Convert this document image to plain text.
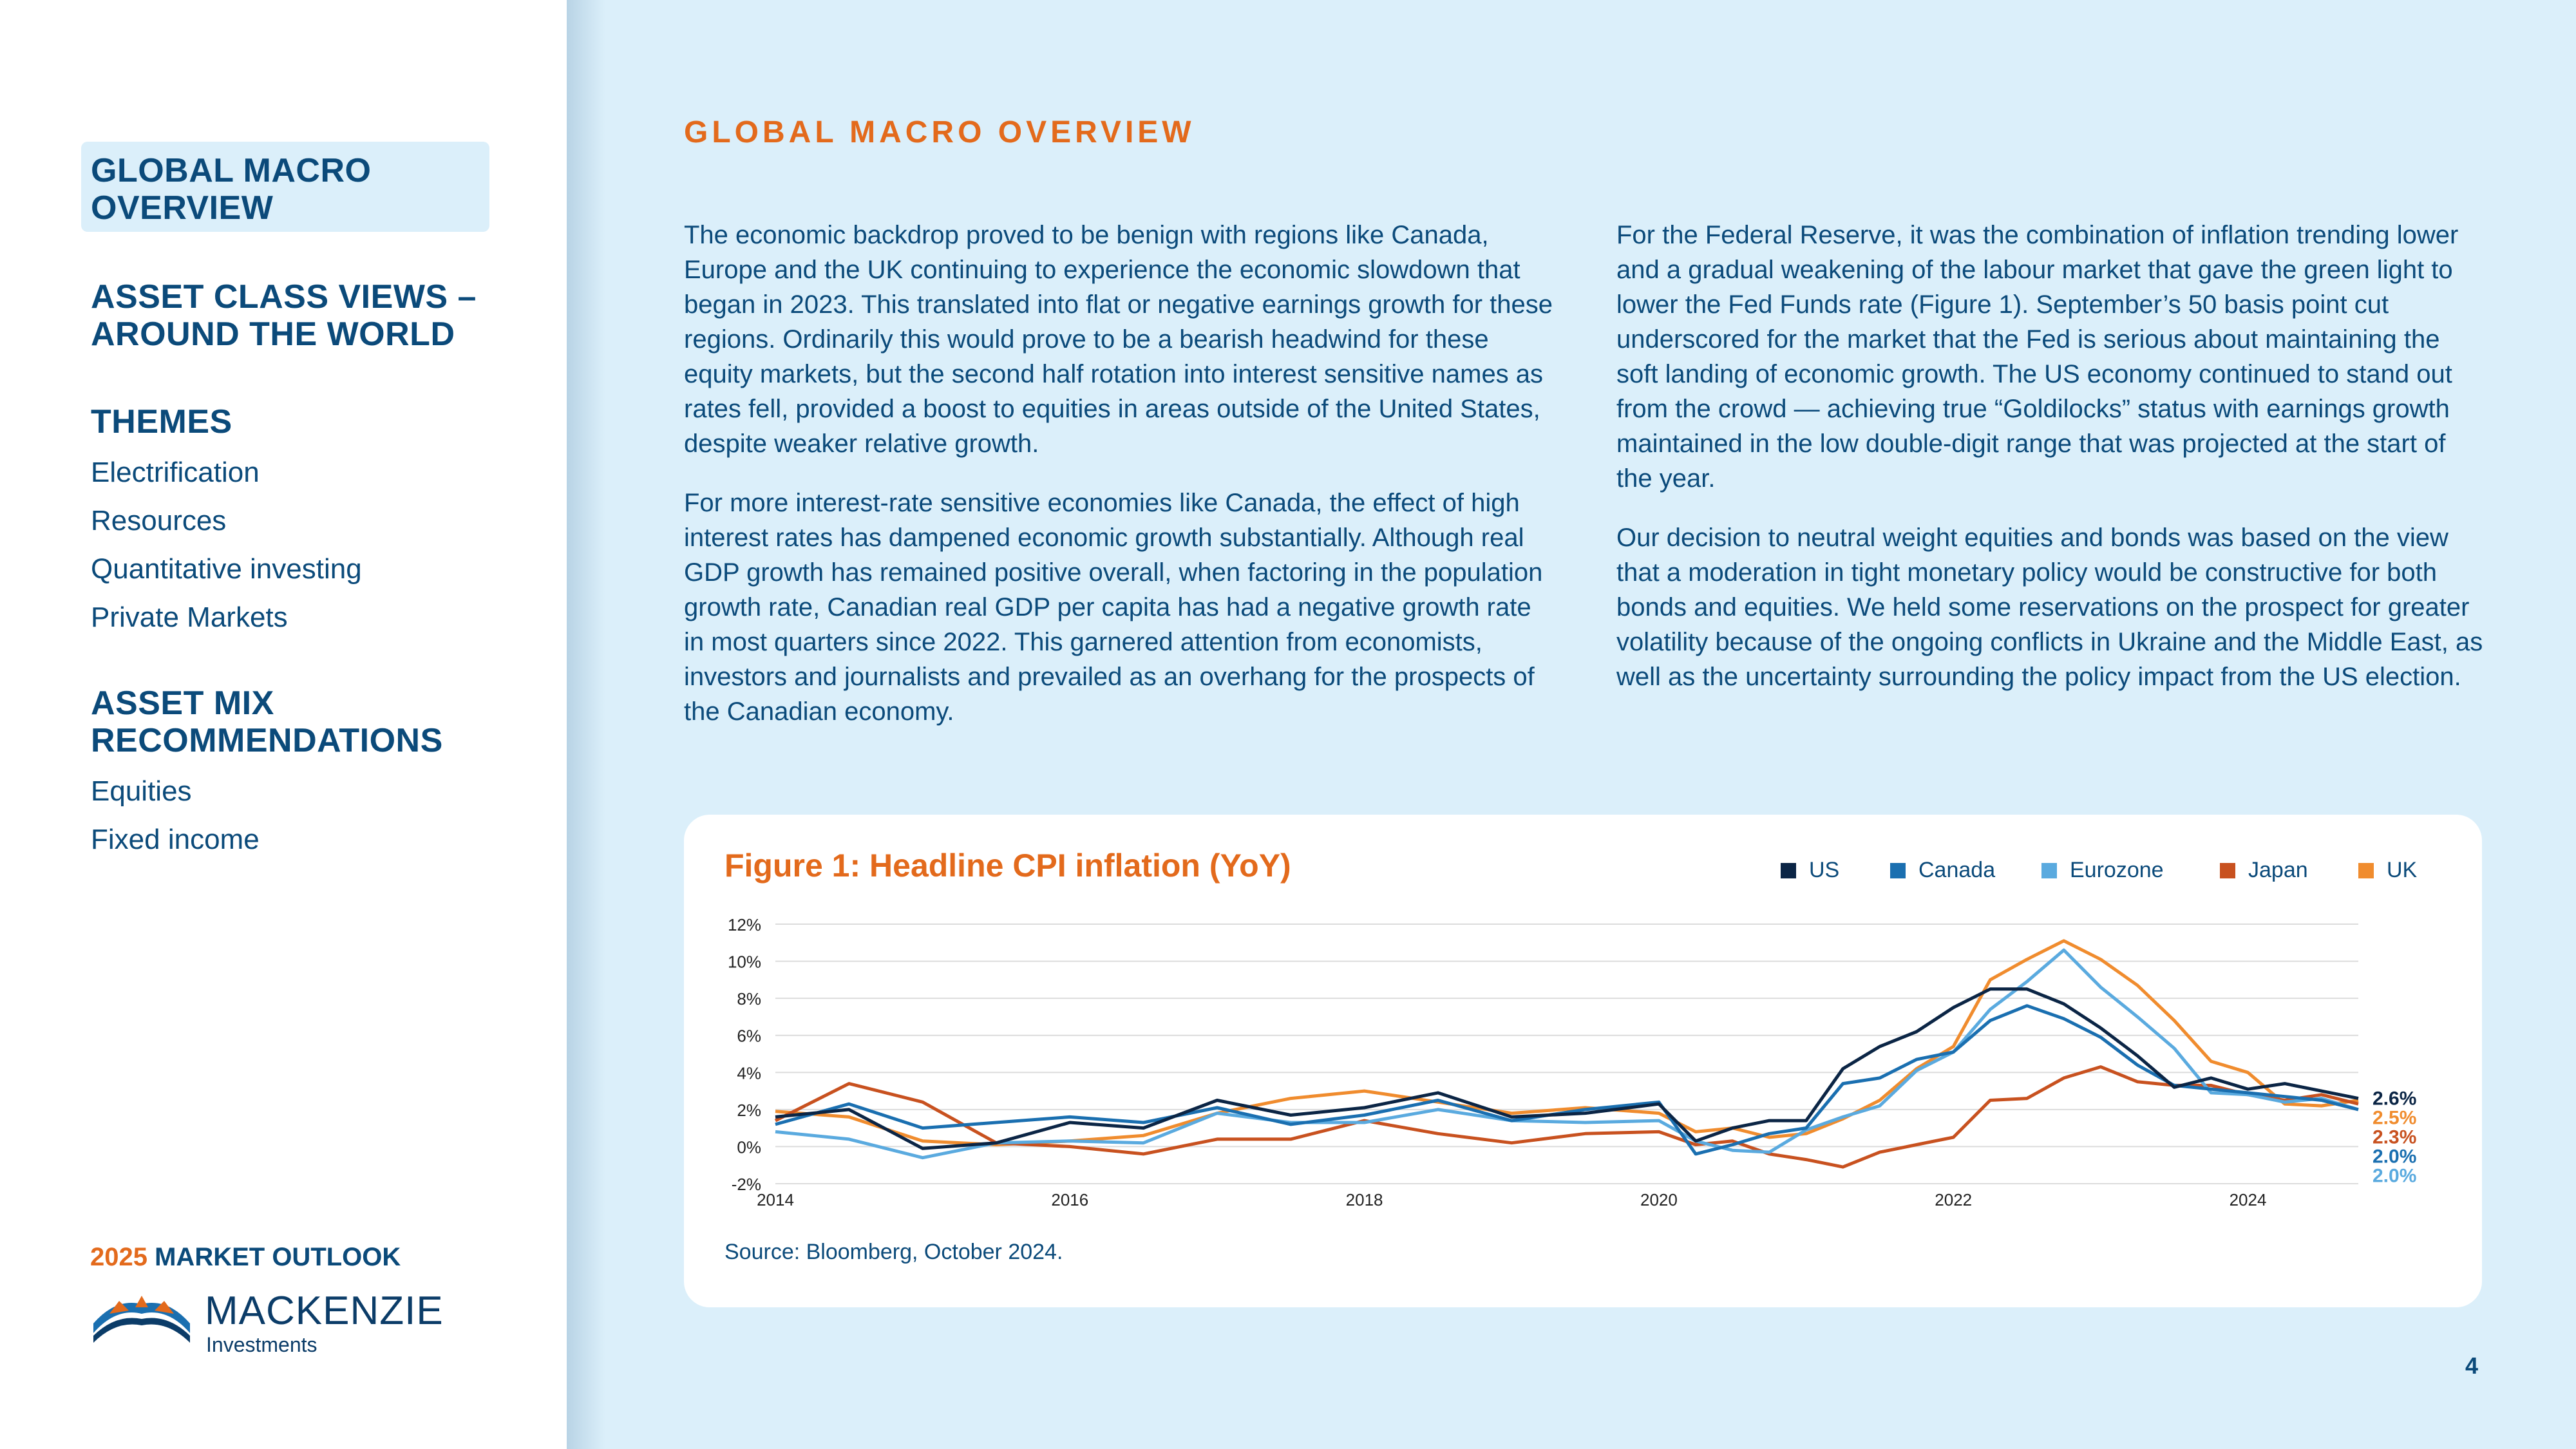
GLOBAL MACRO
OVERVIEW
ASSET CLASS VIEWS –
AROUND THE WORLD
THEMES
Electrification
Resources
Quantitative investing
Private Markets
ASSET MIX
RECOMMENDATIONS
Equities
Fixed income
2025 MARKET OUTLOOK
MACKENZIE
Investments
GLOBAL MACRO OVERVIEW

The economic backdrop proved to be benign with regions like Canada, Europe and the UK continuing to experience the economic slowdown that began in 2023. This translated into flat or negative earnings growth for these regions. Ordinarily this would prove to be a bearish headwind for these equity markets, but the second half rotation into interest sensitive names as rates fell, provided a boost to equities in areas outside of the United States, despite weaker relative growth.

For more interest-rate sensitive economies like Canada, the effect of high interest rates has dampened economic growth substantially. Although real GDP growth has remained positive overall, when factoring in the population growth rate, Canadian real GDP per capita has had a negative growth rate in most quarters since 2022. This garnered attention from economists, investors and journalists and prevailed as an overhang for the prospects of the Canadian economy.

For the Federal Reserve, it was the combination of inflation trending lower and a gradual weakening of the labour market that gave the green light to lower the Fed Funds rate (Figure 1). September’s 50 basis point cut underscored for the market that the Fed is serious about maintaining the soft landing of economic growth. The US economy continued to stand out from the crowd — achieving true “Goldilocks” status with earnings growth maintained in the low double-digit range that was projected at the start of the year.

Our decision to neutral weight equities and bonds was based on the view that a moderation in tight monetary policy would be constructive for both bonds and equities. We held some reservations on the prospect for greater volatility because of the ongoing conflicts in Ukraine and the Middle East, as well as the uncertainty surrounding the policy impact from the US election.

Figure 1: Headline CPI inflation (YoY)	US	Canada	Eurozone	Japan	UK
12%
10%
8%
6%
4%
2%
0%
-2%
2014	2016	2018	2020	2022	2024
2.6%
2.5%
2.3%
2.0%
2.0%
Source: Bloomberg, October 2024.
4
